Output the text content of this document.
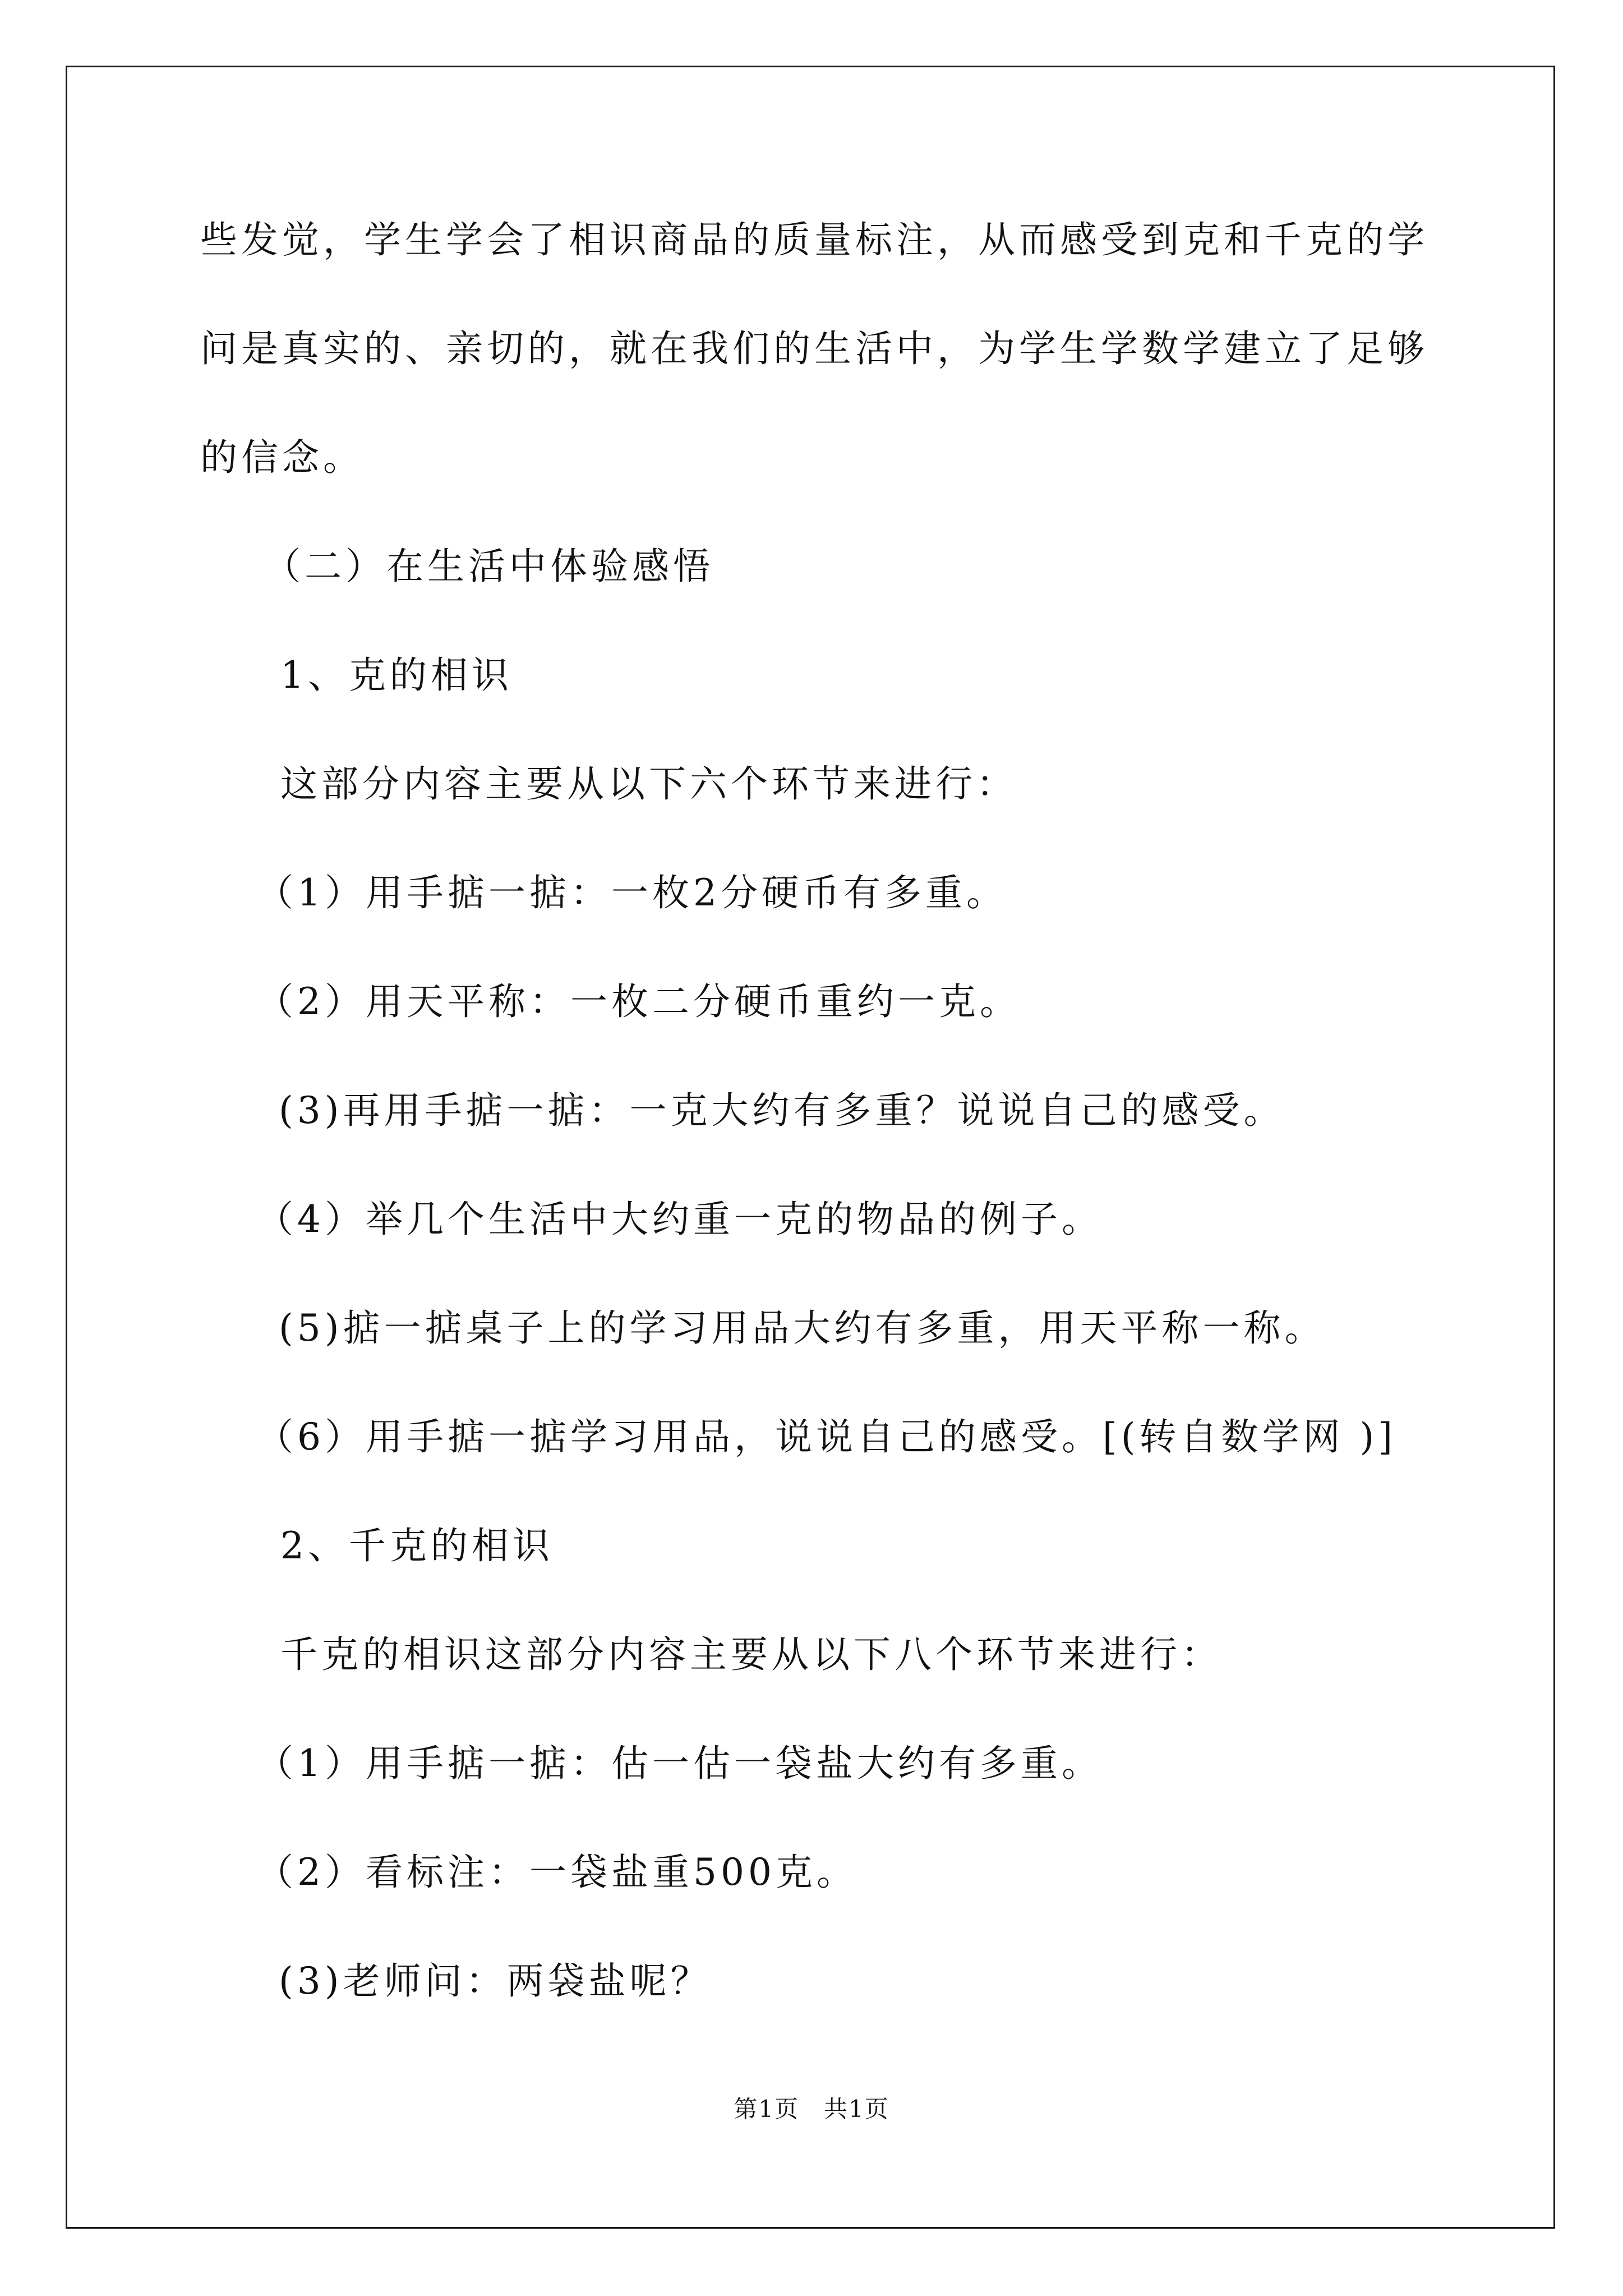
些发觉，学生学会了相识商品的质量标注，从而感受到克和千克的学
问是真实的、亲切的，就在我们的生活中，为学生学数学建立了足够
的信念。
（二）在生活中体验感悟
1、克的相识
这部分内容主要从以下六个环节来进行：
（1）用手掂一掂：一枚2分硬币有多重。
（2）用天平称：一枚二分硬币重约一克。
(3)再用手掂一掂：一克大约有多重？说说自己的感受。
（4）举几个生活中大约重一克的物品的例子。
(5)掂一掂桌子上的学习用品大约有多重，用天平称一称。
（6）用手掂一掂学习用品，说说自己的感受。[(转自数学网 )]
2、千克的相识
千克的相识这部分内容主要从以下八个环节来进行：
（1）用手掂一掂：估一估一袋盐大约有多重。
（2）看标注：一袋盐重500克。
(3)老师问：两袋盐呢？
第1页　共1页
